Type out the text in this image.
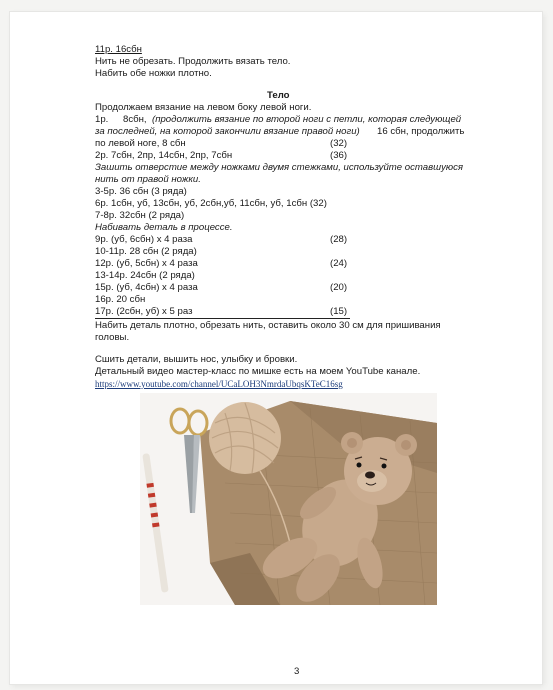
11р. 16сбн
Нить не обрезать. Продолжить вязать тело.
Набить обе ножки плотно.
Тело
Продолжаем вязание на левом боку левой ноги.
1р. 8сбн, (продолжить вязание по второй ноги с петли, которая следующей
за последней, на которой закончили вязание правой ноги) 16 сбн, продолжить
по левой ноге, 8 сбн	(32)
2р. 7сбн, 2пр, 14сбн, 2пр, 7сбн	(36)
Зашить отверстие между ножками двумя стежками, используйте оставшуюся
нить от правой ножки.
3-5р. 36 сбн (3 ряда)
6р. 1сбн, уб, 13сбн, уб, 2сбн,уб, 11сбн, уб, 1сбн (32)
7-8р. 32сбн (2 ряда)
Набивать деталь в процессе.
9р. (уб, 6сбн) х 4 раза	(28)
10-11р. 28 сбн (2 ряда)
12р. (уб, 5сбн) х 4 раза	(24)
13-14р. 24сбн (2 ряда)
15р. (уб, 4сбн) х 4 раза	(20)
16р. 20 сбн
17р. (2сбн, уб) х 5 раз	(15)
Набить деталь плотно, обрезать нить, оставить около 30 см для пришивания
головы.
Сшить детали, вышить нос, улыбку и бровки.
Детальный видео мастер-класс по мишке есть на моем YouTube канале.
https://www.youtube.com/channel/UCaLOH3NmrdaUbqsKTeC16sg
3
